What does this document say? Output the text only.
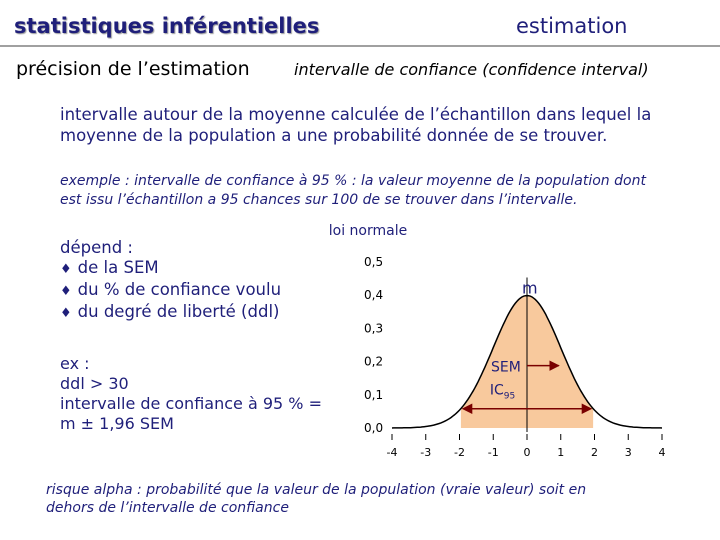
statistiques inférentielles	estimation
précision de l’estimation	intervalle de confiance (confidence interval)
intervalle autour de la moyenne calculée de l’échantillon dans lequel la
moyenne de la population a une probabilité donnée de se trouver.
exemple : intervalle de confiance à 95 % : la valeur moyenne de la population dont
est issu l’échantillon a 95 chances sur 100 de se trouver dans l’intervalle.
dépend :
♦ de la SEM
♦ du % de confiance voulu
♦ du degré de liberté (ddl)
ex :
ddl > 30
intervalle de confiance à 95 % =
m ± 1,96 SEM
risque alpha : probabilité que la valeur de la population (vraie valeur) soit en
dehors de l’intervalle de confiance
loi normale
0,0
0,1
0,2
0,3
0,4
0,5
-4 -3 -2 -1 0 1 2 3 4
m
SEM
$IC_{95}$
